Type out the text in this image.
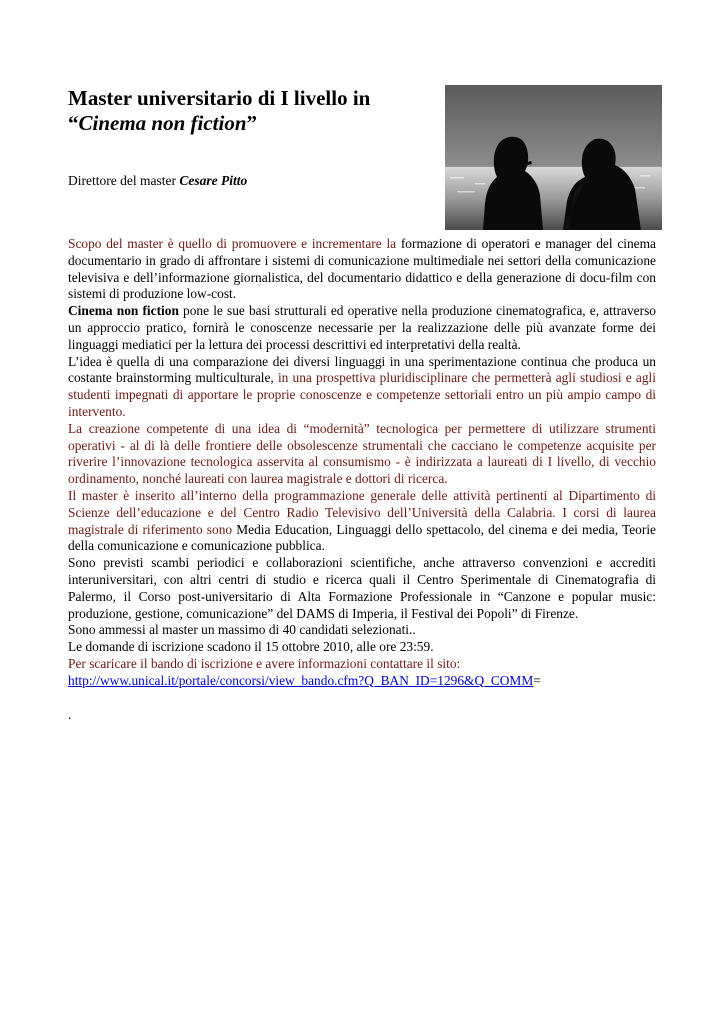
Master universitario di I livello in
“Cinema non fiction”
Direttore del master Cesare Pitto

Scopo del master è quello di promuovere e incrementare la formazione di operatori e manager del cinema documentario in grado di affrontare i sistemi di comunicazione multimediale nei settori della comunicazione televisiva e dell’informazione giornalistica, del documentario didattico e della generazione di docu-film con sistemi di produzione low-cost.

Cinema non fiction pone le sue basi strutturali ed operative nella produzione cinematografica, e, attraverso un approccio pratico, fornirà le conoscenze necessarie per la realizzazione delle più avanzate forme dei linguaggi mediatici per la lettura dei processi descrittivi ed interpretativi della realtà.

L’idea è quella di una comparazione dei diversi linguaggi in una sperimentazione continua che produca un costante brainstorming multiculturale, in una prospettiva pluridisciplinare che permetterà agli studiosi e agli studenti impegnati di apportare le proprie conoscenze e competenze settoriali entro un più ampio campo di intervento.

La creazione competente di una idea di “modernità” tecnologica per permettere di utilizzare strumenti operativi - al di là delle frontiere delle obsolescenze strumentali che cacciano le competenze acquisite per riverire l’innovazione tecnologica asservita al consumismo - è indirizzata a laureati di I livello, di vecchio ordinamento, nonché laureati con laurea magistrale e dottori di ricerca.

Il master è inserito all’interno della programmazione generale delle attività pertinenti al Dipartimento di Scienze dell’educazione e del Centro Radio Televisivo dell’Università della Calabria. I corsi di laurea magistrale di riferimento sono Media Education, Linguaggi dello spettacolo, del cinema e dei media, Teorie della comunicazione e comunicazione pubblica.

Sono previsti scambi periodici e collaborazioni scientifiche, anche attraverso convenzioni e accrediti interuniversitari, con altri centri di studio e ricerca quali il Centro Sperimentale di Cinematografia di Palermo, il Corso post-universitario di Alta Formazione Professionale in “Canzone e popular music: produzione, gestione, comunicazione” del DAMS di Imperia, il Festival dei Popoli” di Firenze.

Sono ammessi al master un massimo di 40 candidati selezionati..

Le domande di iscrizione scadono il 15 ottobre 2010, alle ore 23:59.

Per scaricare il bando di iscrizione e avere informazioni contattare il sito:
http://www.unical.it/portale/concorsi/view_bando.cfm?Q_BAN_ID=1296&Q_COMM=

.
